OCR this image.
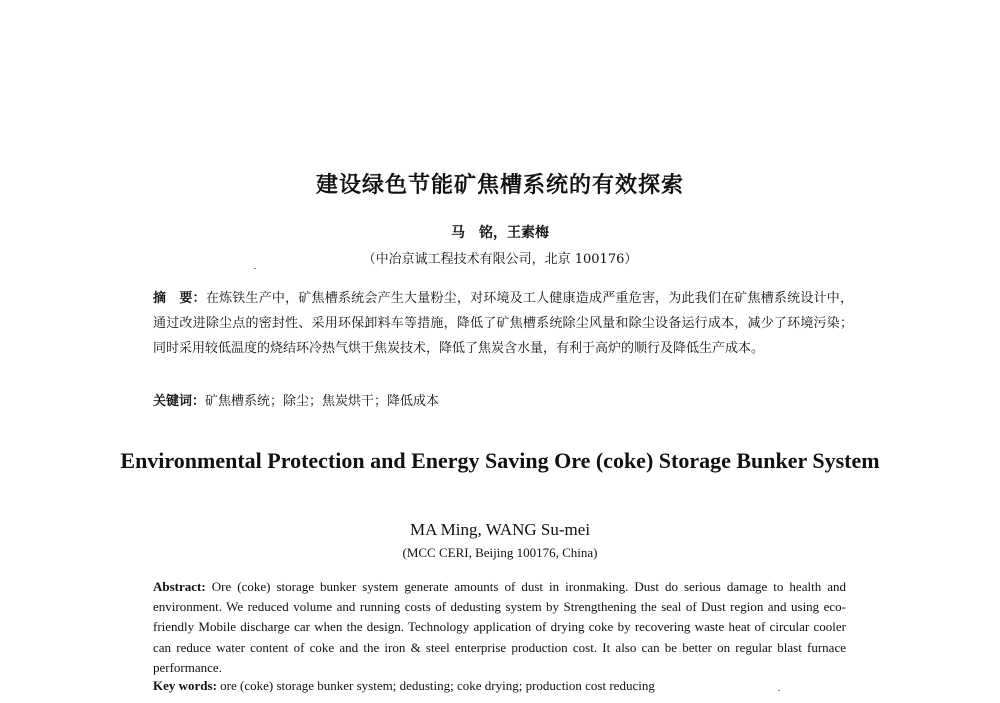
建设绿色节能矿焦槽系统的有效探索
马　铭，王素梅
（中冶京诚工程技术有限公司，北京 100176）
摘　要：在炼铁生产中，矿焦槽系统会产生大量粉尘，对环境及工人健康造成严重危害，为此我们在矿焦槽系统设计中，通过改进除尘点的密封性、采用环保卸料车等措施，降低了矿焦槽系统除尘风量和除尘设备运行成本，减少了环境污染；同时采用较低温度的烧结环冷热气烘干焦炭技术，降低了焦炭含水量，有利于高炉的顺行及降低生产成本。
关键词：矿焦槽系统；除尘；焦炭烘干；降低成本
Environmental Protection and Energy Saving Ore (coke) Storage Bunker System
MA Ming, WANG Su-mei
(MCC CERI, Beijing 100176, China)
Abstract: Ore (coke) storage bunker system generate amounts of dust in ironmaking. Dust do serious damage to health and environment. We reduced volume and running costs of dedusting system by Strengthening the seal of Dust region and using eco-friendly Mobile discharge car when the design. Technology application of drying coke by recovering waste heat of circular cooler can reduce water content of coke and the iron & steel enterprise production cost. It also can be better on regular blast furnace performance.
Key words: ore (coke) storage bunker system; dedusting; coke drying; production cost reducing
